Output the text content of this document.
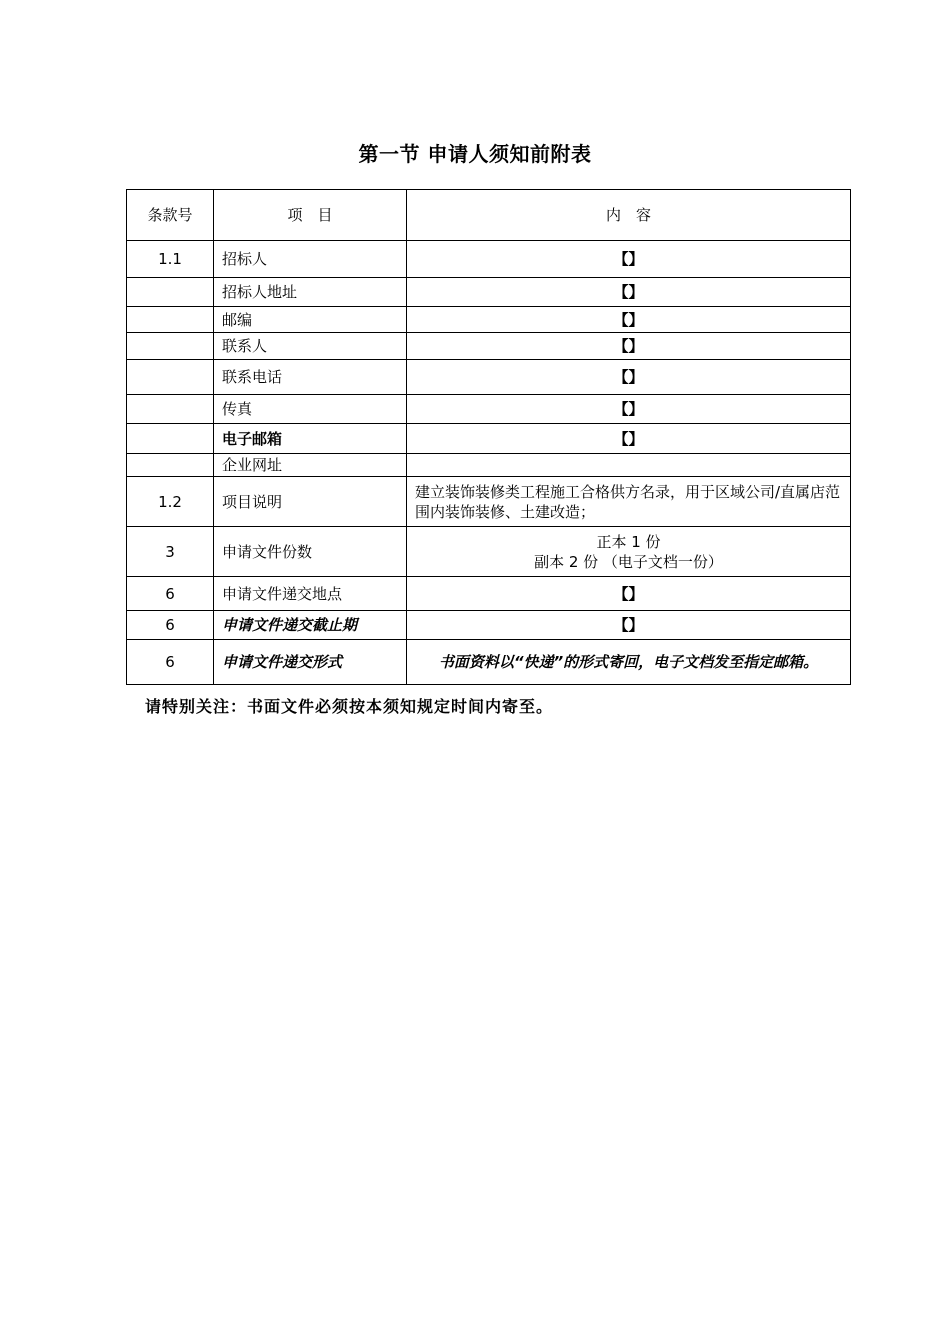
第一节 申请人须知前附表
条款号	项　目	内　容
1.1	招标人	【】
	招标人地址	【】
	邮编	【】
	联系人	【】
	联系电话	【】
	传真	【】
	电子邮箱	【】
	企业网址	
1.2	项目说明	建立装饰装修类工程施工合格供方名录，用于区域公司/直属店范围内装饰装修、土建改造；
3	申请文件份数	正本 1 份
副本 2 份 （电子文档一份）

6	申请文件递交地点	【】
6	申请文件递交截止期	【】
6	申请文件递交形式	书面资料以“快递”的形式寄回，电子文档发至指定邮箱。
请特别关注：书面文件必须按本须知规定时间内寄至。
